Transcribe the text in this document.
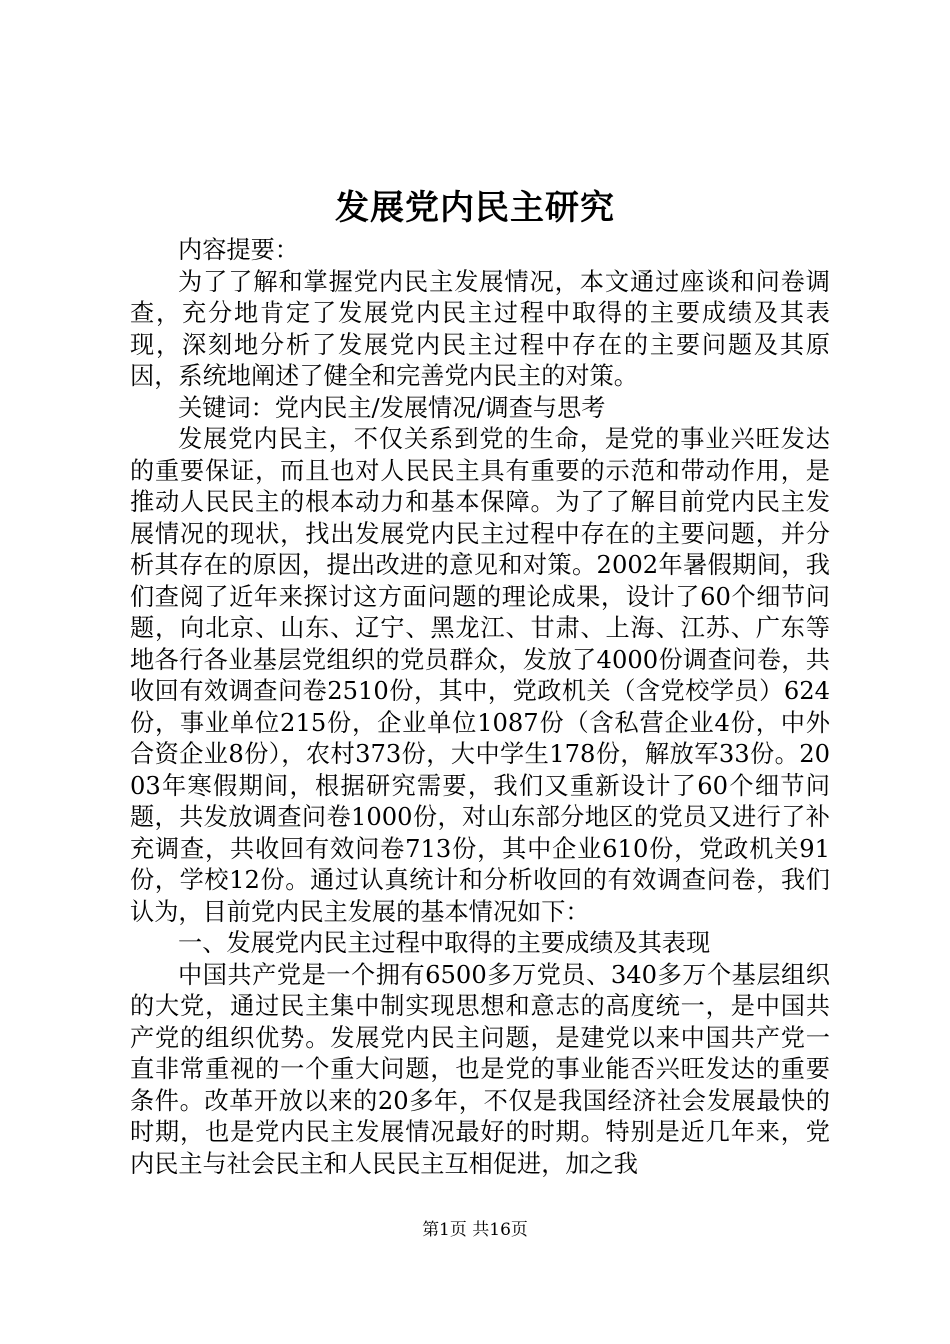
发展党内民主研究

内容提要：

为了了解和掌握党内民主发展情况，本文通过座谈和问卷调查，充分地肯定了发展党内民主过程中取得的主要成绩及其表现，深刻地分析了发展党内民主过程中存在的主要问题及其原因，系统地阐述了健全和完善党内民主的对策。

关键词：党内民主/发展情况/调查与思考

发展党内民主，不仅关系到党的生命，是党的事业兴旺发达的重要保证，而且也对人民民主具有重要的示范和带动作用，是推动人民民主的根本动力和基本保障。为了了解目前党内民主发展情况的现状，找出发展党内民主过程中存在的主要问题，并分析其存在的原因，提出改进的意见和对策。2002年暑假期间，我们查阅了近年来探讨这方面问题的理论成果，设计了60个细节问题，向北京、山东、辽宁、黑龙江、甘肃、上海、江苏、广东等地各行各业基层党组织的党员群众，发放了4000份调查问卷，共收回有效调查问卷2510份，其中，党政机关（含党校学员）624份，事业单位215份，企业单位1087份（含私营企业4份，中外合资企业8份），农村373份，大中学生178份，解放军33份。2003年寒假期间，根据研究需要，我们又重新设计了60个细节问题，共发放调查问卷1000份，对山东部分地区的党员又进行了补充调查，共收回有效问卷713份，其中企业610份，党政机关91份，学校12份。通过认真统计和分析收回的有效调查问卷，我们认为，目前党内民主发展的基本情况如下：

一、发展党内民主过程中取得的主要成绩及其表现

中国共产党是一个拥有6500多万党员、340多万个基层组织的大党，通过民主集中制实现思想和意志的高度统一，是中国共产党的组织优势。发展党内民主问题，是建党以来中国共产党一直非常重视的一个重大问题，也是党的事业能否兴旺发达的重要条件。改革开放以来的20多年，不仅是我国经济社会发展最快的时期，也是党内民主发展情况最好的时期。特别是近几年来，党内民主与社会民主和人民民主互相促进，加之我

第1页 共16页
